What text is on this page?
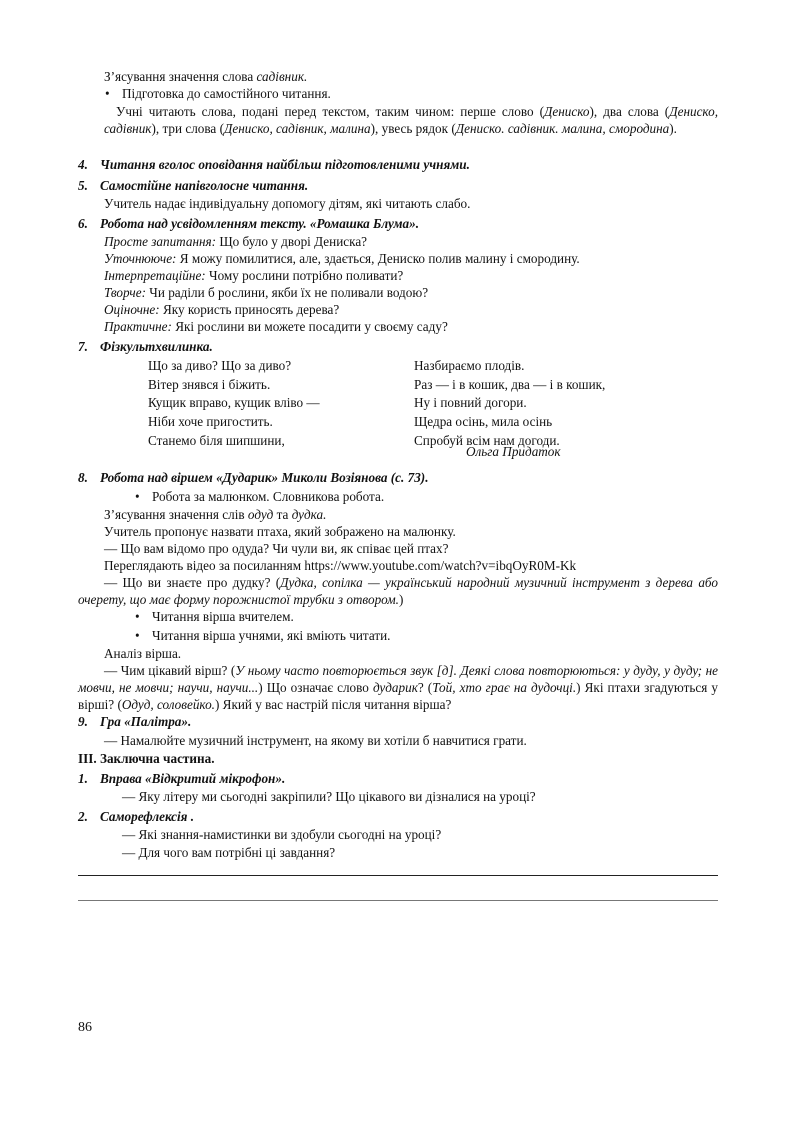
З’ясування значення слова садівник.
• Підготовка до самостійного читання.
Учні читають слова, подані перед текстом, таким чином: перше слово (Дениско), два слова (Дениско, садівник), три слова (Дениско, садівник, малина), увесь рядок (Дениско. садівник. малина, смородина).
4. Читання вголос оповідання найбільш підготовленими учнями.
5. Самостійне напівголосне читання.
Учитель надає індивідуальну допомогу дітям, які читають слабо.
6. Робота над усвідомленням тексту. «Ромашка Блума».
Просте запитання: Що було у дворі Дениска?
Уточнююче: Я можу помилитися, але, здається, Дениско полив малину і смородину.
Інтерпретаційне: Чому рослини потрібно поливати?
Творче: Чи раділи б рослини, якби їх не поливали водою?
Оціночне: Яку користь приносять дерева?
Практичне: Які рослини ви можете посадити у своєму саду?
7. Фізкультхвилинка.
Що за диво? Що за диво?
Вітер знявся і біжить.
Кущик вправо, кущик вліво —
Ніби хоче пригостить.
Станемо біля шипшини,
Назбираємо плодів.
Раз — і в кошик, два — і в кошик,
Ну і повний догори.
Щедра осінь, мила осінь
Спробуй всім нам догоди.
Ольга Придаток
8. Робота над віршем «Дударик» Миколи Возіянова (с. 73).
• Робота за малюнком. Словникова робота.
З’ясування значення слів одуд та дудка.
Учитель пропонує назвати птаха, який зображено на малюнку.
— Що вам відомо про одуда? Чи чули ви, як співає цей птах?
Переглядають відео за посиланням https://www.youtube.com/watch?v=ibqOyR0M-Kk
— Що ви знаєте про дудку? (Дудка, сопілка — український народний музичний інструмент з дерева або очерету, що має форму порожнистої трубки з отвором.)
• Читання вірша вчителем.
• Читання вірша учнями, які вміють читати.
Аналіз вірша.
— Чим цікавий вірш? (У ньому часто повторюється звук [д]. Деякі слова повторюються: у дуду, у дуду; не мовчи, не мовчи; научи, научи...) Що означає слово дударик? (Той, хто грає на дудочці.) Які птахи згадуються у вірші? (Одуд, соловейко.) Який у вас настрій після читання вірша?
9. Гра «Палітра».
— Намалюйте музичний інструмент, на якому ви хотіли б навчитися грати.
ІІІ. Заключна частина.
1. Вправа «Відкритий мікрофон».
— Яку літеру ми сьогодні закріпили? Що цікавого ви дізналися на уроці?
2. Саморефлексія .
— Які знання-намистинки ви здобули сьогодні на уроці?
— Для чого вам потрібні ці завдання?
86
